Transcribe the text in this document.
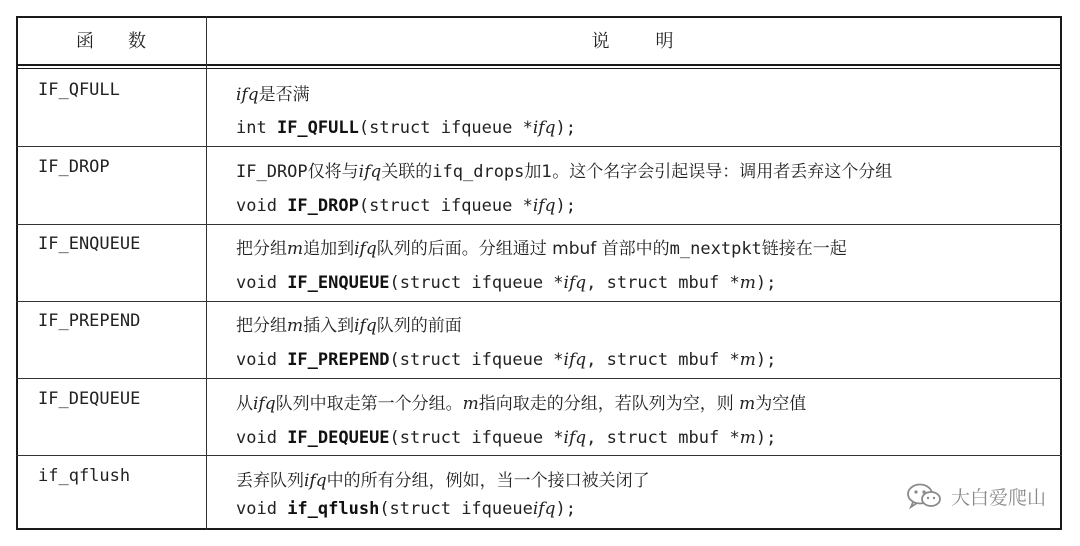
函 数	说 明
IF_QFULL
IF_DROP
IF_ENQUEUE
IF_PREPEND
IF_DEQUEUE
if_qflush
ifq是否满
int IF_QFULL(struct ifqueue *ifq);
IF_DROP仅将与ifq关联的ifq_drops加1。这个名字会引起误导：调用者丢弃这个分组
void IF_DROP(struct ifqueue *ifq);
把分组m追加到ifq队列的后面。分组通过 mbuf 首部中的m_nextpkt链接在一起
void IF_ENQUEUE(struct ifqueue *ifq, struct mbuf *m);
把分组m插入到ifq队列的前面
void IF_PREPEND(struct ifqueue *ifq, struct mbuf *m);
从ifq队列中取走第一个分组。m指向取走的分组，若队列为空，则 m为空值
void IF_DEQUEUE(struct ifqueue *ifq, struct mbuf *m);
丢弃队列ifq中的所有分组，例如，当一个接口被关闭了
void if_qflush(struct ifqueueifq);
大白爱爬山
